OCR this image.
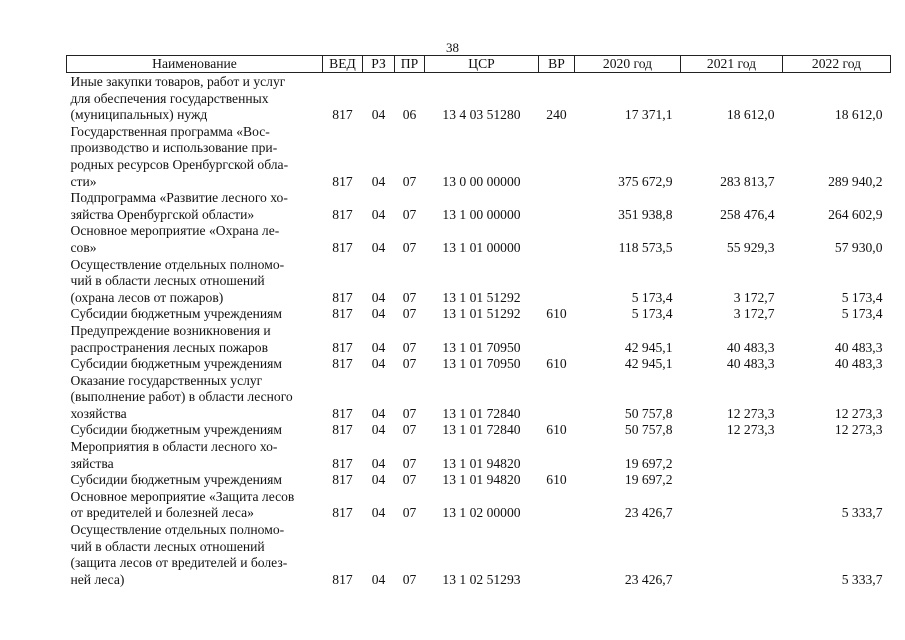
38
Наименование	ВЕД	РЗ	ПР	ЦСР	ВР	2020 год	2021 год	2022 год

Иные закупки товаров, работ и услуг
для обеспечения государственных
(муниципальных) нужд	817	04	06	13 4 03 51280	240	17 371,1	18 612,0	18 612,0

Государственная программа «Вос-
производство и использование при-
родных ресурсов Оренбургской обла-
сти»	817	04	07	13 0 00 00000		375 672,9	283 813,7	289 940,2

Подпрограмма «Развитие лесного хо-
зяйства Оренбургской области»	817	04	07	13 1 00 00000		351 938,8	258 476,4	264 602,9

Основное мероприятие «Охрана ле-
сов»	817	04	07	13 1 01 00000		118 573,5	55 929,3	57 930,0

Осуществление отдельных полномо-
чий в области лесных отношений
(охрана лесов от пожаров)	817	04	07	13 1 01 51292		5 173,4	3 172,7	5 173,4

Субсидии бюджетным учреждениям	817	04	07	13 1 01 51292	610	5 173,4	3 172,7	5 173,4

Предупреждение возникновения и
распространения лесных пожаров	817	04	07	13 1 01 70950		42 945,1	40 483,3	40 483,3

Субсидии бюджетным учреждениям	817	04	07	13 1 01 70950	610	42 945,1	40 483,3	40 483,3

Оказание государственных услуг
(выполнение работ) в области лесного
хозяйства	817	04	07	13 1 01 72840		50 757,8	12 273,3	12 273,3

Субсидии бюджетным учреждениям	817	04	07	13 1 01 72840	610	50 757,8	12 273,3	12 273,3

Мероприятия в области лесного хо-
зяйства	817	04	07	13 1 01 94820		19 697,2		

Субсидии бюджетным учреждениям	817	04	07	13 1 01 94820	610	19 697,2		

Основное мероприятие «Защита лесов
от вредителей и болезней леса»	817	04	07	13 1 02 00000		23 426,7		5 333,7

Осуществление отдельных полномо-
чий в области лесных отношений
(защита лесов от вредителей и болез-
ней леса)	817	04	07	13 1 02 51293		23 426,7		5 333,7
